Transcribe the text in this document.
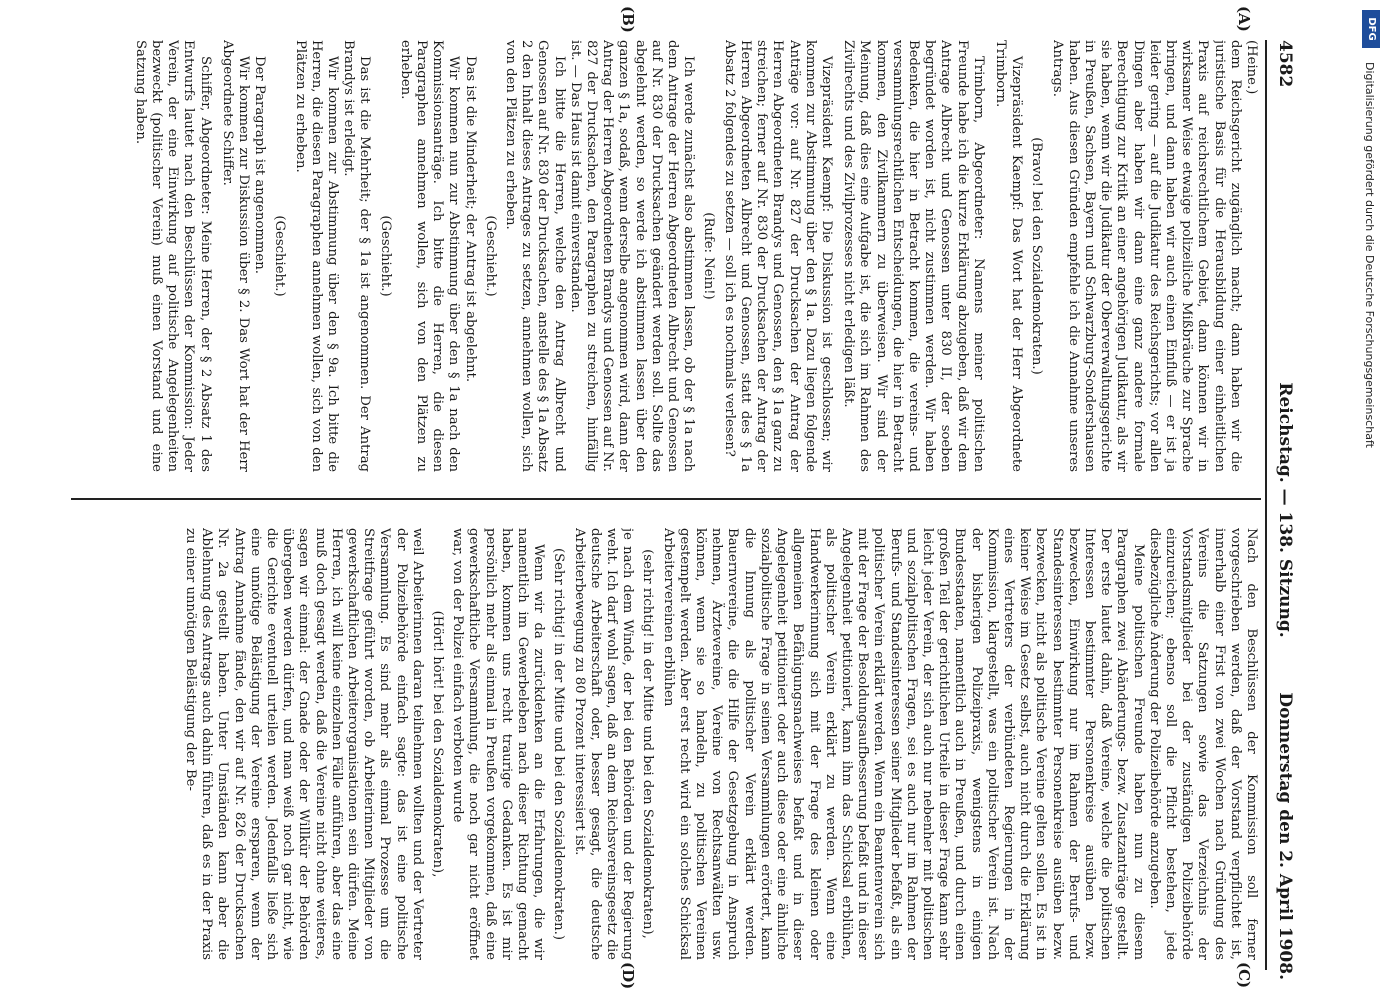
4582
Reichstag. — 138. Sitzung.
Donnerstag den 2. April 1908.
(A)
(B)
(C)
(D)

(Heine.)

dem Reichsgericht zugänglich macht; dann haben wir die juristische Basis für die Herausbildung einer einheitlichen Praxis auf reichsrechtlichem Gebiet, dann können wir in wirksamer Weise etwaige polizeiliche Mißbräuche zur Sprache bringen, und dann haben wir auch einen Einfluß — er ist ja leider gering — auf die Judikatur des Reichsgerichts; vor allen Dingen aber haben wir dann eine ganz andere formale Berechtigung zur Kritik an einer angehörigen Judikatur, als wir sie haben, wenn wir die Judikatur der Oberverwaltungsgerichte in Preußen, Sachsen, Bayern und Schwarzburg-Sondershausen haben. Aus diesen Gründen empfehle ich die Annahme unseres Antrags.

(Bravo! bei den Sozialdemokraten.)

Vizepräsident Kaempf: Das Wort hat der Herr Abgeordnete Trimborn.

Trimborn, Abgeordneter: Namens meiner politischen Freunde habe ich die kurze Erklärung abzugeben, daß wir dem Antrage Albrecht und Genossen unter 830 II, der soeben begründet worden ist, nicht zustimmen werden. Wir haben Bedenken, die hier in Betracht kommen, die vereins- und versammlungsrechtlichen Entscheidungen, die hier in Betracht kommen, den Zivilkammern zu überweisen. Wir sind der Meinung, daß dies eine Aufgabe ist, die sich im Rahmen des Zivilrechts und des Zivilprozesses nicht erledigen läßt.

Vizepräsident Kaempf: Die Diskussion ist geschlossen; wir kommen zur Abstimmung über den § 1a. Dazu liegen folgende Anträge vor: auf Nr. 827 der Drucksachen der Antrag der Herren Abgeordneten Brandys und Genossen, den § 1a ganz zu streichen; ferner auf Nr. 830 der Drucksachen der Antrag der Herren Abgeordneten Albrecht und Genossen, statt des § 1a Absatz 2 folgendes zu setzen — soll ich es nochmals verlesen?

(Rufe: Nein!)

Ich werde zunächst also abstimmen lassen, ob der § 1a nach dem Antrage der Herren Abgeordneten Albrecht und Genossen auf Nr. 830 der Drucksachen geändert werden soll. Sollte das abgelehnt werden, so werde ich abstimmen lassen über den ganzen § 1a, sodaß, wenn derselbe angenommen wird, dann der Antrag der Herren Abgeordneten Brandys und Genossen auf Nr. 827 der Drucksachen, den Paragraphen zu streichen, hinfällig ist. — Das Haus ist damit einverstanden.

Ich bitte die Herren, welche den Antrag Albrecht und Genossen auf Nr. 830 der Drucksachen, anstelle des § 1a Absatz 2 den Inhalt dieses Antrages zu setzen, annehmen wollen, sich von den Plätzen zu erheben.

(Geschieht.)

Das ist die Minderheit; der Antrag ist abgelehnt.

Wir kommen nun zur Abstimmung über den § 1a nach den Kommissionsanträge. Ich bitte die Herren, die diesen Paragraphen annehmen wollen, sich von den Plätzen zu erheben.

(Geschieht.)

Das ist die Mehrheit; der § 1a ist angenommen. Der Antrag Brandys ist erledigt.

Wir kommen zur Abstimmung über den § 9a. Ich bitte die Herren, die diesen Paragraphen annehmen wollen, sich von den Plätzen zu erheben.

(Geschieht.)

Der Paragraph ist angenommen.

Wir kommen zur Diskussion über § 2. Das Wort hat der Herr Abgeordnete Schiffer.

Schiffer, Abgeordneter: Meine Herren, der § 2 Absatz 1 des Entwurfs lautet nach den Beschlüssen der Kommission: Jeder Verein, der eine Einwirkung auf politische Angelegenheiten bezweckt (politischer Verein) muß einen Vorstand und eine Satzung haben.

Nach den Beschlüssen der Kommission soll ferner vorgeschrieben werden, daß der Vorstand verpflichtet ist, innerhalb einer Frist von zwei Wochen nach Gründung des Vereins die Satzungen sowie das Verzeichnis der Vorstandsmitglieder bei der zuständigen Polizeibehörde einzureichen; ebenso soll die Pflicht bestehen, jede diesbezügliche Änderung der Polizeibehörde anzugeben.

Meine politischen Freunde haben nun zu diesem Paragraphen zwei Abänderungs- bezw. Zusatzanträge gestellt. Der erste lautet dahin, daß Vereine, welche die politischen Interessen bestimmter Personenkreise ausüben bezw. bezwecken, Einwirkung nur im Rahmen der Berufs- und Standesinteressen bestimmter Personenkreise ausüben bezw. bezwecken, nicht als politische Vereine gelten sollen. Es ist in keiner Weise im Gesetz selbst, auch nicht durch die Erklärung eines Vertreters der verbündeten Regierungen in der Kommission, klargestellt, was ein politischer Verein ist. Nach der bisherigen Polizeipraxis, wenigstens in einigen Bundesstaaten, namentlich auch in Preußen, und durch einen großen Teil der gerichtlichen Urteile in dieser Frage kann sehr leicht jeder Verein, der sich auch nur nebenher mit politischen und sozialpolitischen Fragen, sei es auch nur im Rahmen der Berufs- und Standesinteressen seiner Mitglieder befaßt, als ein politischer Verein erklärt werden. Wenn ein Beamtenverein sich mit der Frage der Besoldungsaufbesserung befaßt und in dieser Angelegenheit petitioniert, kann ihm das Schicksal erblühen, als politischer Verein erklärt zu werden. Wenn eine Handwerkerinnung sich mit der Frage des kleinen oder allgemeinen Befähigungsnachweises befaßt und in dieser Angelegenheit petitioniert oder auch diese oder eine ähnliche sozialpolitische Frage in seinen Versammlungen erörtert, kann die Innung als politischer Verein erklärt werden. Bauernvereine, die die Hilfe der Gesetzgebung in Anspruch nehmen, Ärztevereine, Vereine von Rechtsanwälten usw. können, wenn sie so handeln, zu politischen Vereinen gestempelt werden. Aber erst recht wird ein solches Schicksal Arbeitervereinen erblühen

(sehr richtig! in der Mitte und bei den Sozialdemokraten),

je nach dem Winde, der bei den Behörden und der Regierung weht. Ich darf wohl sagen, daß an dem Reichsvereinsgesetz die deutsche Arbeiterschaft oder, besser gesagt, die deutsche Arbeiterbewegung zu 80 Prozent interessiert ist.

(Sehr richtig! in der Mitte und bei den Sozialdemokraten.)

Wenn wir da zurückdenken an die Erfahrungen, die wir namentlich im Gewerbeleben nach dieser Richtung gemacht haben, kommen uns recht traurige Gedanken. Es ist mir persönlich mehr als einmal in Preußen vorgekommen, daß eine gewerkschaftliche Versammlung, die noch gar nicht eröffnet war, von der Polizei einfach verboten wurde

(Hört! hört! bei den Sozialdemokraten),

weil Arbeiterinnen daran teilnehmen wollten und der Vertreter der Polizeibehörde einfach sagte: das ist eine politische Versammlung. Es sind mehr als einmal Prozesse um die Streitfrage geführt worden, ob Arbeiterinnen Mitglieder von gewerkschaftlichen Arbeiterorganisationen sein dürfen. Meine Herren, ich will keine einzelnen Fälle anführen, aber das eine muß doch gesagt werden, daß die Vereine nicht ohne weiteres, sagen wir einmal: der Gnade oder der Willkür der Behörden übergeben werden dürfen, und man weiß noch gar nicht, wie die Gerichte eventuell urteilen werden. Jedenfalls ließe sich eine unnötige Belästigung der Vereine ersparen, wenn der Antrag Annahme fände, den wir auf Nr. 826 der Drucksachen Nr. 2a gestellt haben. Unter Umständen kann aber die Ablehnung des Antrags auch dahin führen, daß es in der Praxis zu einer unnötigen Belästigung der Be-

DFG
Digitalisierung gefördert durch die Deutsche Forschungsgemeinschaft
